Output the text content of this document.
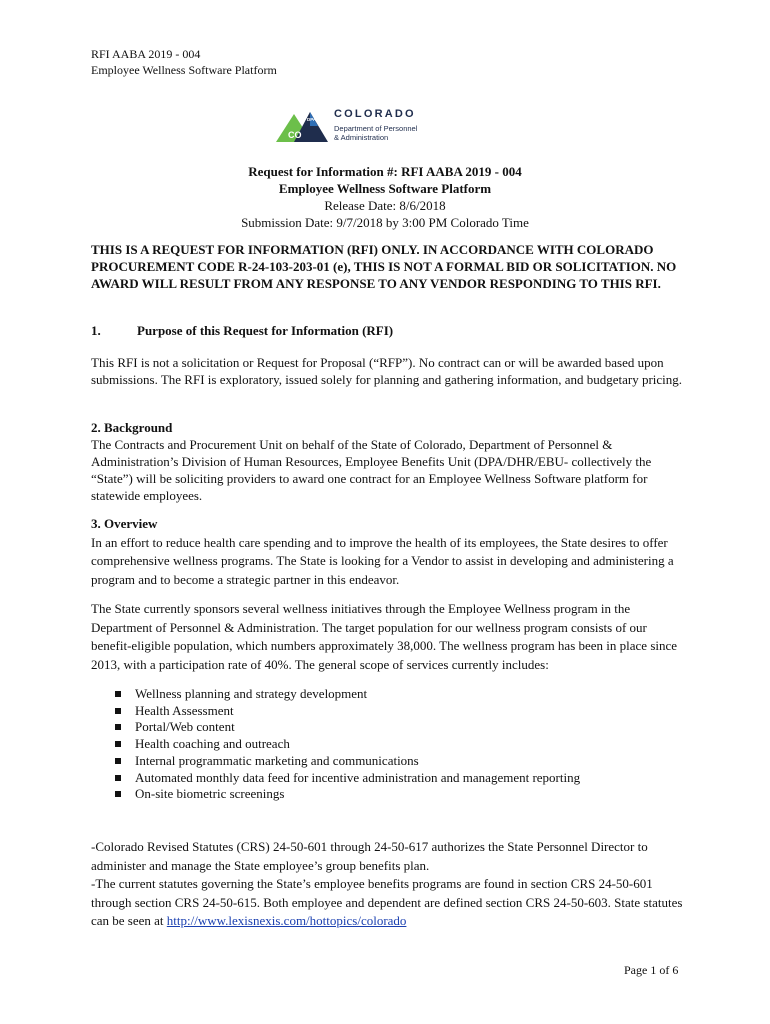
RFI AABA 2019 - 004
Employee Wellness Software Platform
CO
DPA COLORADO
Department of Personnel
& Administration
Request for Information #: RFI AABA 2019 - 004
Employee Wellness Software Platform
Release Date: 8/6/2018
Submission Date: 9/7/2018 by 3:00 PM Colorado Time
THIS IS A REQUEST FOR INFORMATION (RFI) ONLY. IN ACCORDANCE WITH COLORADO PROCUREMENT CODE R-24-103-203-01 (e), THIS IS NOT A FORMAL BID OR SOLICITATION. NO AWARD WILL RESULT FROM ANY RESPONSE TO ANY VENDOR RESPONDING TO THIS RFI.
1.	Purpose of this Request for Information (RFI)
This RFI is not a solicitation or Request for Proposal (“RFP”). No contract can or will be awarded based upon submissions. The RFI is exploratory, issued solely for planning and gathering information, and budgetary pricing.
2. Background
The Contracts and Procurement Unit on behalf of the State of Colorado, Department of Personnel & Administration’s Division of Human Resources, Employee Benefits Unit (DPA/DHR/EBU- collectively the “State”) will be soliciting providers to award one contract for an Employee Wellness Software platform for statewide employees.
3. Overview
In an effort to reduce health care spending and to improve the health of its employees, the State desires to offer comprehensive wellness programs. The State is looking for a Vendor to assist in developing and administering a program and to become a strategic partner in this endeavor.
The State currently sponsors several wellness initiatives through the Employee Wellness program in the Department of Personnel & Administration. The target population for our wellness program consists of our benefit-eligible population, which numbers approximately 38,000. The wellness program has been in place since 2013, with a participation rate of 40%. The general scope of services currently includes:
Wellness planning and strategy development
Health Assessment
Portal/Web content
Health coaching and outreach
Internal programmatic marketing and communications
Automated monthly data feed for incentive administration and management reporting
On-site biometric screenings
-Colorado Revised Statutes (CRS) 24-50-601 through 24-50-617 authorizes the State Personnel Director to administer and manage the State employee’s group benefits plan.
-The current statutes governing the State’s employee benefits programs are found in section CRS 24-50-601 through section CRS 24-50-615. Both employee and dependent are defined section CRS 24-50-603. State statutes can be seen at http://www.lexisnexis.com/hottopics/colorado
Page 1 of 6
